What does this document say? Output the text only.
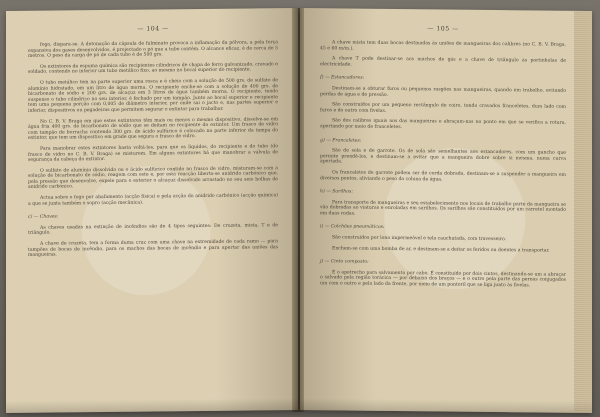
— 104 —

fogo, dispara-se. A detonação da cápsula de fulminato provoca a inflamação da pólvora, a pela força expansiva dos gases desenvolvidos, é projectado o pó que a tube contém. O alcance eficaz, é de cerca de 5 metros. O peso da carga de pó de cada tubo é de 500 grs.

Os extintores de espuma química são recipientes cilíndricos de chapa de ferro galvanizado, cravado e soldado, contendo no interior um tubo metálico fixo, ao mesmo no bocal superior do recipiente.

O tubo metálico tem na parte superior uma rosca e é cheio com a solução de 500 grs. de sulfato de alumínio hidratado, em um litro de água morna. O recipiente enche-se com a solução de 400 grs. de bicarbonato de sódio e 200 grs. de alcaçuz em 3 litros de água também morna. O recipiente, tendo suspenso o tubo cilíndrico no seu interior, é fechado por um tampão. Junto ao bocal superior e recipiente tem uma pequena porção com 0,005 de diâmetro interior, por onde sai o jacto e, nas partes superior e inferior, dispositivos ou pegadeiras que permitem segurar o extintor para trabalhar.

No C. B. V. Braga em que estes extintores têm mais ou menos o mesmo dispositivo, dissolve-se em água fria 400 grs. de bicarbonato de sódio que se deitam no recipiente do extintor. Um frasco de vidro com tampão de borracha contendo 300 grs. de ácido sulfúrico é colocado na parte inferior da tampa do extintor, que tem um dispositivo em grade que segura o frasco de vidro.

Para manobrar estes extintores basta voltá-los, para que os líquidos, do recipiente e do tubo (do frasco de vidro no C. B. V. Braga) se misturem. Em alguns extintores há que manobrar a válvula de segurança da cabeça do extintor.

O sulfato de alumínio dissolvido ou o ácido sulfúrico contido no frasco de vidro, misturam-se com a solução de bicarbonato de sódio, reagem com este e, por esta reacção liberta-se anidrido carbónico que, pela pressão que desenvolve, expele para o exterior o alcaçuz dissolvido arrastado no seu seio bolhas de anidrido carbónico.

Actua sobre o fogo por abafamento (acção física) e pela acção do anidrido carbónico (acção química) a que se junta também o sopro (acção mecânica).

c) — Chaves:

As chaves usadas na extinção de incêndios são de 4 tipos seguintes: De cruzeta, mista, T e de triângulo.

A chave de cruzeta, tem a forma duma cruz com uma chave na extremidade de cada ramo — para tampões de bocas de incêndio, para os machos das bocas de incêndio e para apertar das uniões das mangueiras.

— 105 —

A chave mista tem duas bocas destinadas às uniões de mangueiras dos calibres (no C. B. V. Braga, 45 e 60 m/m.).

A chave T pode destinar-se aos machos de gás e a chave de triângulo às portinholas de electricidade.

f) — Estancadores:

Destinam-se a obturar furos ou pequenos rasgões nas mangueiras, quando em trabalho, evitando perdas de água e de pressão.

São construídos por um pequeno rectângulo de coiro, tendo cravados franceletes, dum lado com furos e do outro com fivelas.

São dos calibres iguais aos das mangueiras e abraçam-nas no ponto em que se verifica a rotura, apertando por meio de franceletes.

g) — Francaletes:

São de sola e de garrote. Os de sola são semelhantes aos estancadores, com um gancho que permite prendê-los, e destinam-se a evitar que a mangueira dobre sobre si mesma, numa curva apertada.

Os francaletes de garrote podem ser de corda dobrada, destinam-se a suspender a mangueira em diversos pontos, aliviando o peso da coluna de água.

h) — Sarilhos:

Para transporte de mangueiras e seu estabelecimento nos locais de trabalho parte da mangueira se vão dobradas ao viaturas e enroladas em sarilhos. Os sarilhos são constituídos por um carretel montado em duas rodas.

i) — Colchões pneumáticos:

São construídos por lona impermeável e tela cauchutada, com travesseiro.

Enchem-se com uma bomba de ar, e destinam-se a deitar os feridos ou doentes a transportar.

j) — Cinto composto:

É o apetrecho para salvamento por cabo. É constituído por dois cintos, destinando-se um a abraçar o salvado pela região torácica — por debaixo dos braços — e o outro pela parte das pernas conjugados um com o outro e pelo lado da frente, por meio de um pontoril que se liga junto às fivelas.
